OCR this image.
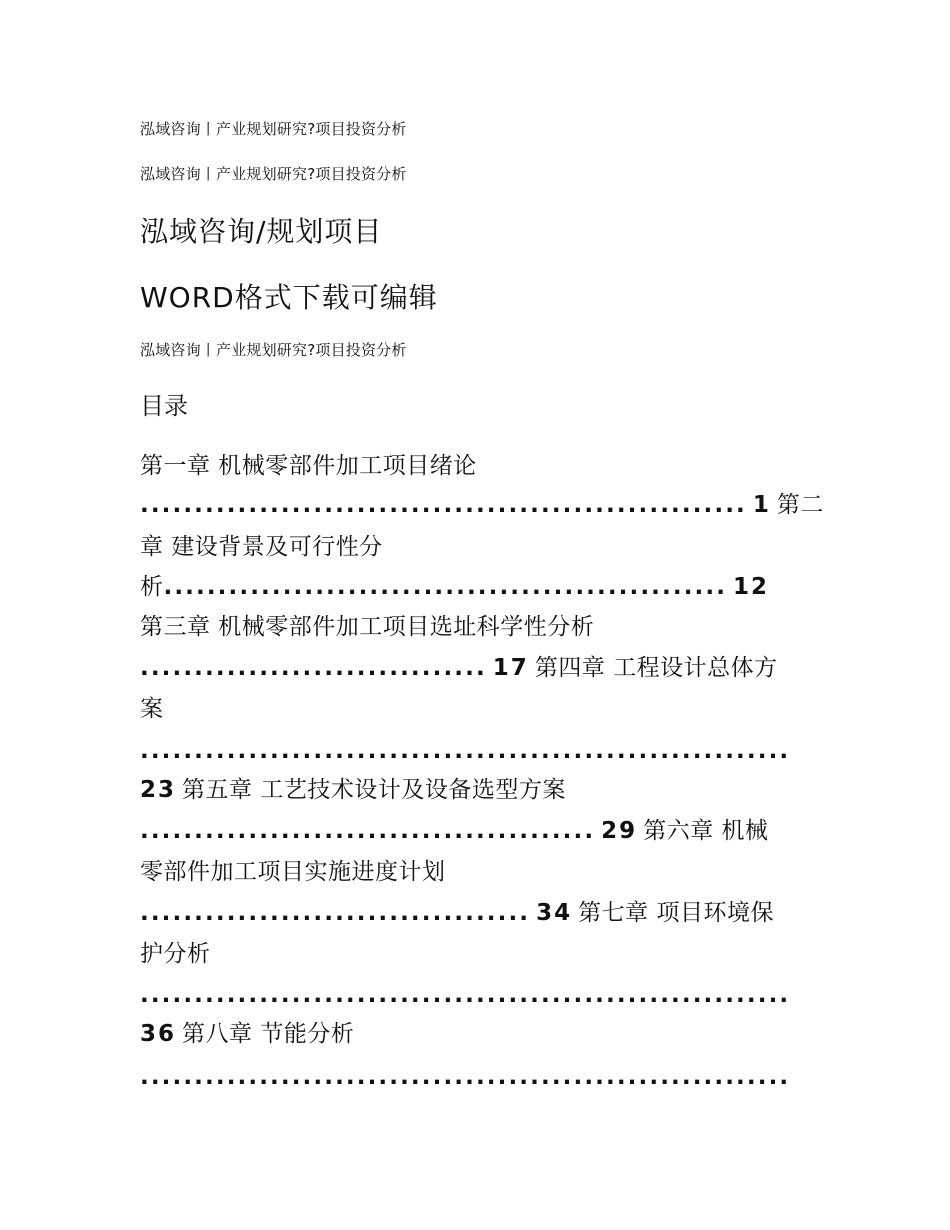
泓域咨询丨产业规划研究?项目投资分析
泓域咨询丨产业规划研究?项目投资分析
泓域咨询/规划项目
WORD格式下载可编辑
泓域咨询丨产业规划研究?项目投资分析
目录
第一章 机械零部件加工项目绪论
........................................................ 1 第二
章 建设背景及可行性分
析.................................................... 12
第三章 机械零部件加工项目选址科学性分析
................................ 17 第四章 工程设计总体方
案
............................................................
23 第五章 工艺技术设计及设备选型方案
.......................................... 29 第六章 机械
零部件加工项目实施进度计划
.................................... 34 第七章 项目环境保
护分析
............................................................
36 第八章 节能分析
............................................................
